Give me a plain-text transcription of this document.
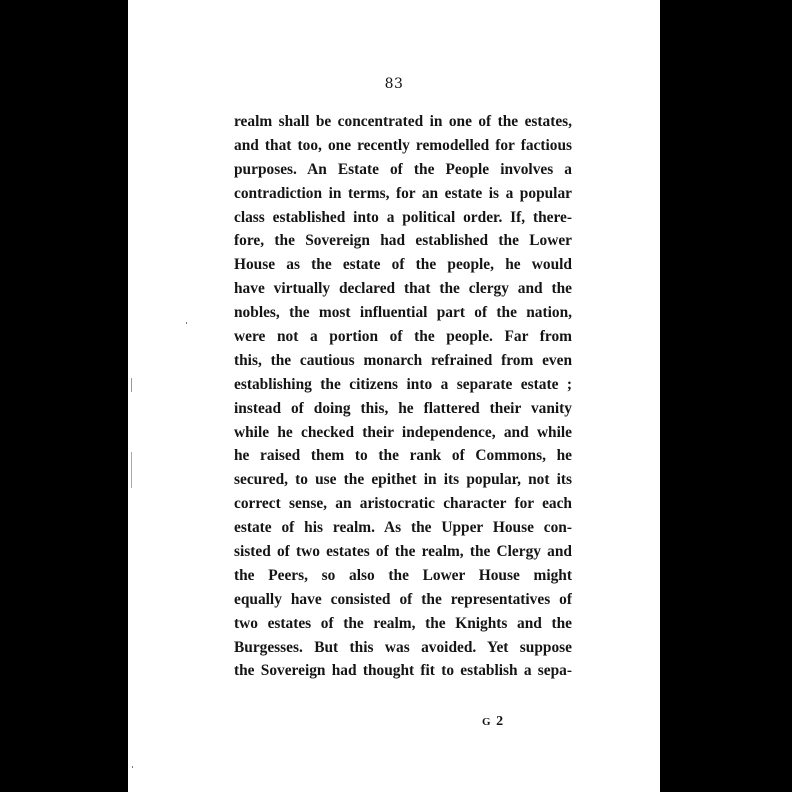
83
realm shall be concentrated in one of the estates,
and that too, one recently remodelled for factious
purposes. An Estate of the People involves a
contradiction in terms, for an estate is a popular
class established into a political order. If, there-
fore, the Sovereign had established the Lower
House as the estate of the people, he would
have virtually declared that the clergy and the
nobles, the most influential part of the nation,
were not a portion of the people. Far from
this, the cautious monarch refrained from even
establishing the citizens into a separate estate ;
instead of doing this, he flattered their vanity
while he checked their independence, and while
he raised them to the rank of Commons, he
secured, to use the epithet in its popular, not its
correct sense, an aristocratic character for each
estate of his realm. As the Upper House con-
sisted of two estates of the realm, the Clergy and
the Peers, so also the Lower House might
equally have consisted of the representatives of
two estates of the realm, the Knights and the
Burgesses. But this was avoided. Yet suppose
the Sovereign had thought fit to establish a sepa-
G 2
